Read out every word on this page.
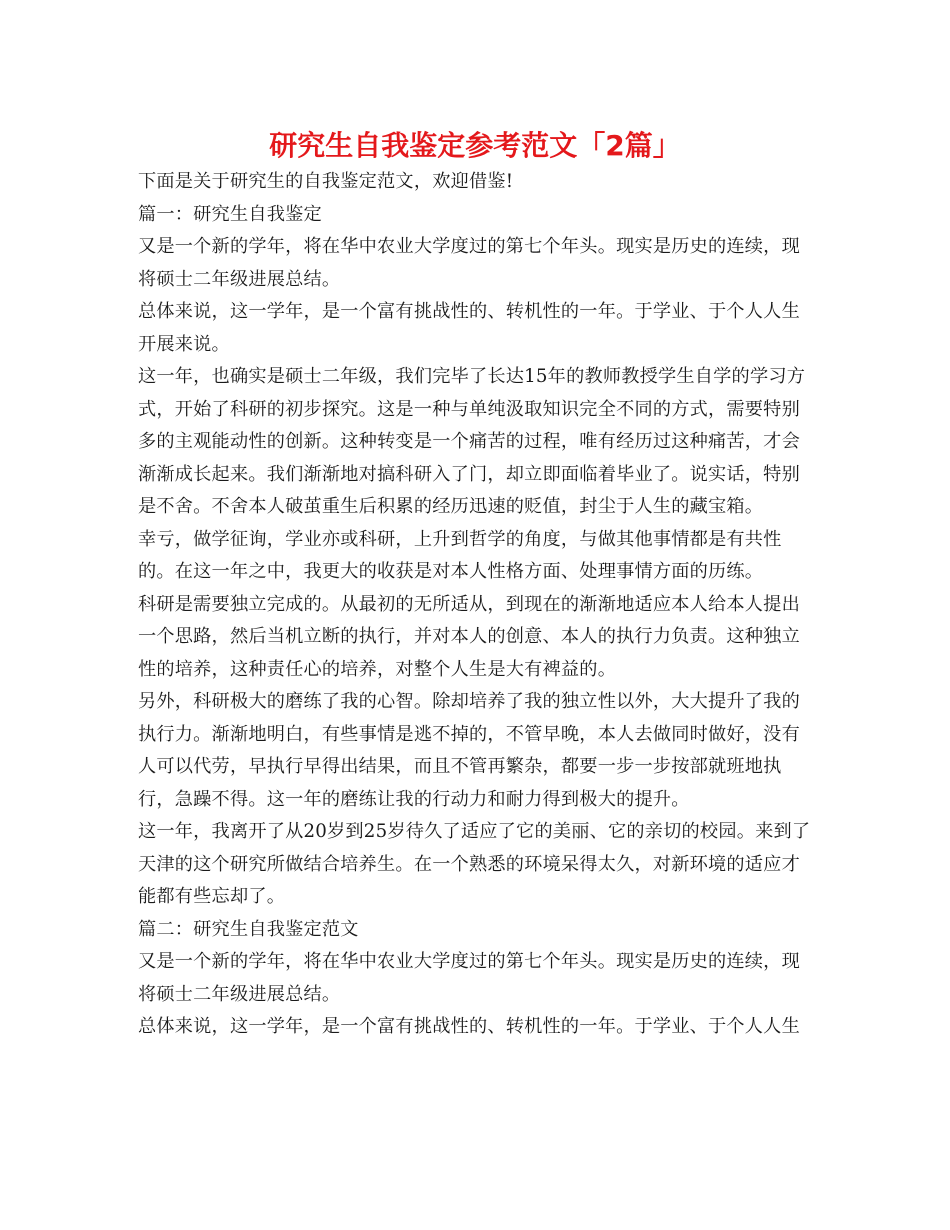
研究生自我鉴定参考范文「2篇」

下面是关于研究生的自我鉴定范文，欢迎借鉴!

篇一：研究生自我鉴定

又是一个新的学年，将在华中农业大学度过的第七个年头。现实是历史的连续，现将硕士二年级进展总结。

总体来说，这一学年，是一个富有挑战性的、转机性的一年。于学业、于个人人生开展来说。

这一年，也确实是硕士二年级，我们完毕了长达15年的教师教授学生自学的学习方式，开始了科研的初步探究。这是一种与单纯汲取知识完全不同的方式，需要特别多的主观能动性的创新。这种转变是一个痛苦的过程，唯有经历过这种痛苦，才会渐渐成长起来。我们渐渐地对搞科研入了门，却立即面临着毕业了。说实话，特别是不舍。不舍本人破茧重生后积累的经历迅速的贬值，封尘于人生的藏宝箱。

幸亏，做学征询，学业亦或科研，上升到哲学的角度，与做其他事情都是有共性的。在这一年之中，我更大的收获是对本人性格方面、处理事情方面的历练。

科研是需要独立完成的。从最初的无所适从，到现在的渐渐地适应本人给本人提出一个思路，然后当机立断的执行，并对本人的创意、本人的执行力负责。这种独立性的培养，这种责任心的培养，对整个人生是大有裨益的。

另外，科研极大的磨练了我的心智。除却培养了我的独立性以外，大大提升了我的执行力。渐渐地明白，有些事情是逃不掉的，不管早晚，本人去做同时做好，没有人可以代劳，早执行早得出结果，而且不管再繁杂，都要一步一步按部就班地执行，急躁不得。这一年的磨练让我的行动力和耐力得到极大的提升。

这一年，我离开了从20岁到25岁待久了适应了它的美丽、它的亲切的校园。来到了天津的这个研究所做结合培养生。在一个熟悉的环境呆得太久，对新环境的适应才能都有些忘却了。

篇二：研究生自我鉴定范文

又是一个新的学年，将在华中农业大学度过的第七个年头。现实是历史的连续，现将硕士二年级进展总结。

总体来说，这一学年，是一个富有挑战性的、转机性的一年。于学业、于个人人生
